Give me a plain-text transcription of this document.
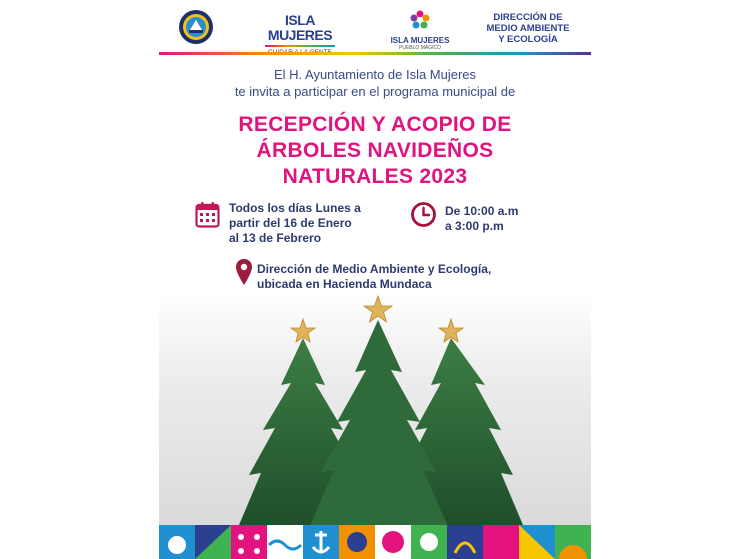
ISLA MUJERES	ISLA MUJERES
PUEBLO MÁGICO
DIRECCIÓN DE
MEDIO AMBIENTE
Y ECOLOGÍA
El H. Ayuntamiento de Isla Mujeres
te invita a participar en el programa municipal de
RECEPCIÓN Y ACOPIO DE
ÁRBOLES NAVIDEÑOS
NATURALES 2023
Todos los días Lunes a
partir del 16 de Enero
al 13 de Febrero
De 10:00 a.m
a 3:00 p.m
Dirección de Medio Ambiente y Ecología,
ubicada en Hacienda Mundaca
